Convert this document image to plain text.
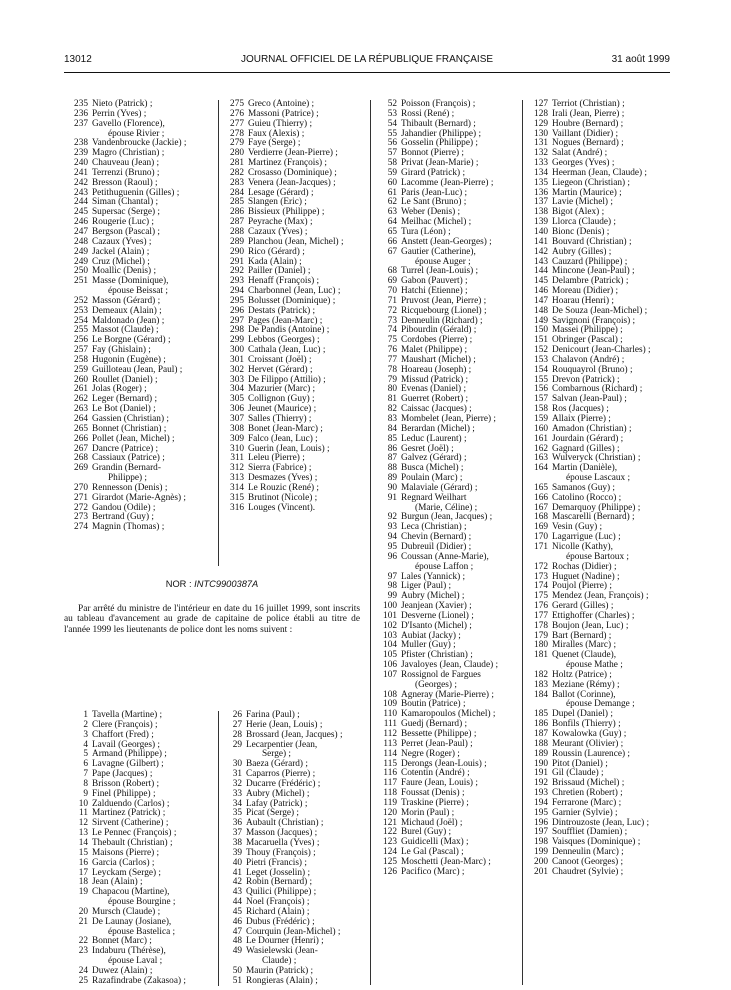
13012	JOURNAL OFFICIEL DE LA RÉPUBLIQUE FRANÇAISE	31 août 1999
235 Nieto (Patrick) ;
236 Perrin (Yves) ;
237 Gavello (Florence),
épouse Rivier ;
238 Vandenbroucke (Jackie) ;
239 Magro (Christian) ;
240 Chauveau (Jean) ;
241 Terrenzi (Bruno) ;
242 Bresson (Raoul) ;
243 Petithuguenin (Gilles) ;
244 Siman (Chantal) ;
245 Supersac (Serge) ;
246 Rougerie (Luc) ;
247 Bergson (Pascal) ;
248 Cazaux (Yves) ;
249 Jackel (Alain) ;
249 Cruz (Michel) ;
250 Moallic (Denis) ;
251 Masse (Dominique),
épouse Beissat ;
252 Masson (Gérard) ;
253 Demeaux (Alain) ;
254 Maldonado (Jean) ;
255 Massot (Claude) ;
256 Le Borgne (Gérard) ;
257 Fay (Ghislain) ;
258 Hugonin (Eugène) ;
259 Guilloteau (Jean, Paul) ;
260 Roullet (Daniel) ;
261 Jolas (Roger) ;
262 Leger (Bernard) ;
263 Le Bot (Daniel) ;
264 Gassien (Christian) ;
265 Bonnet (Christian) ;
266 Pollet (Jean, Michel) ;
267 Dancre (Patrice) ;
268 Cassiaux (Patrice) ;
269 Grandin (Bernard-
Philippe) ;
270 Rennesson (Denis) ;
271 Girardot (Marie-Agnès) ;
272 Gandou (Odile) ;
273 Bertrand (Guy) ;
274 Magnin (Thomas) ;
275 Greco (Antoine) ;
276 Massoni (Patrice) ;
277 Guieu (Thierry) ;
278 Faux (Alexis) ;
279 Faye (Serge) ;
280 Verdierre (Jean-Pierre) ;
281 Martinez (François) ;
282 Crosasso (Dominique) ;
283 Venera (Jean-Jacques) ;
284 Lesage (Gérard) ;
285 Slangen (Eric) ;
286 Bissieux (Philippe) ;
287 Peyrache (Max) ;
288 Cazaux (Yves) ;
289 Planchou (Jean, Michel) ;
290 Rico (Gérard) ;
291 Kada (Alain) ;
292 Pailler (Daniel) ;
293 Henaff (François) ;
294 Charbonnel (Jean, Luc) ;
295 Bolusset (Dominique) ;
296 Destats (Patrick) ;
297 Pages (Jean-Marc) ;
298 De Pandis (Antoine) ;
299 Lebbos (Georges) ;
300 Cathala (Jean, Luc) ;
301 Croissant (Joël) ;
302 Hervet (Gérard) ;
303 De Filippo (Attilio) ;
304 Mazurier (Marc) ;
305 Collignon (Guy) ;
306 Jeunet (Maurice) ;
307 Salles (Thierry) ;
308 Bonet (Jean-Marc) ;
309 Falco (Jean, Luc) ;
310 Guerin (Jean, Louis) ;
311 Leleu (Pierre) ;
312 Sierra (Fabrice) ;
313 Desmazes (Yves) ;
314 Le Rouzic (René) ;
315 Brutinot (Nicole) ;
316 Louges (Vincent).
52 Poisson (François) ;
53 Rossi (René) ;
54 Thibault (Bernard) ;
55 Jahandier (Philippe) ;
56 Gosselin (Philippe) ;
57 Bonnot (Pierre) ;
58 Privat (Jean-Marie) ;
59 Girard (Patrick) ;
60 Lacomme (Jean-Pierre) ;
61 Paris (Jean-Luc) ;
62 Le Sant (Bruno) ;
63 Weber (Denis) ;
64 Meilhac (Michel) ;
65 Tura (Léon) ;
66 Anstett (Jean-Georges) ;
67 Gautier (Catherine),
épouse Auger ;
68 Turrel (Jean-Louis) ;
69 Gabon (Pauvert) ;
70 Hatchi (Etienne) ;
71 Pruvost (Jean, Pierre) ;
72 Ricquebourg (Lionel) ;
73 Denneulin (Richard) ;
74 Pibourdin (Gérald) ;
75 Cordobes (Pierre) ;
76 Malet (Philippe) ;
77 Maushart (Michel) ;
78 Hoareau (Joseph) ;
79 Missud (Patrick) ;
80 Evenas (Daniel) ;
81 Guerret (Robert) ;
82 Caissac (Jacques) ;
83 Mombelet (Jean, Pierre) ;
84 Berardan (Michel) ;
85 Leduc (Laurent) ;
86 Gesret (Joël) ;
87 Galvez (Gérard) ;
88 Busca (Michel) ;
89 Poulain (Marc) ;
90 Malaviale (Gérard) ;
91 Regnard Weilhart
(Marie, Céline) ;
92 Burgun (Jean, Jacques) ;
93 Leca (Christian) ;
94 Chevin (Bernard) ;
95 Dubreuil (Didier) ;
96 Coussan (Anne-Marie),
épouse Laffon ;
97 Lales (Yannick) ;
98 Liger (Paul) ;
99 Aubry (Michel) ;
100 Jeanjean (Xavier) ;
101 Desverne (Lionel) ;
102 D'Isanto (Michel) ;
103 Aubiat (Jacky) ;
104 Muller (Guy) ;
105 Pfister (Christian) ;
106 Javaloyes (Jean, Claude) ;
107 Rossignol de Fargues
(Georges) ;
108 Agneray (Marie-Pierre) ;
109 Boutin (Patrice) ;
110 Kamaropoulos (Michel) ;
111 Guedj (Bernard) ;
112 Bessette (Philippe) ;
113 Perret (Jean-Paul) ;
114 Negre (Roger) ;
115 Derongs (Jean-Louis) ;
116 Cotentin (André) ;
117 Faure (Jean, Louis) ;
118 Foussat (Denis) ;
119 Traskine (Pierre) ;
120 Morin (Paul) ;
121 Michaud (Joël) ;
122 Burel (Guy) ;
123 Guidicelli (Max) ;
124 Le Gal (Pascal) ;
125 Moschetti (Jean-Marc) ;
126 Pacifico (Marc) ;
127 Terriot (Christian) ;
128 Irali (Jean, Pierre) ;
129 Houbre (Bernard) ;
130 Vaillant (Didier) ;
131 Nogues (Bernard) ;
132 Salat (André) ;
133 Georges (Yves) ;
134 Heerman (Jean, Claude) ;
135 Liegeon (Christian) ;
136 Martin (Maurice) ;
137 Lavie (Michel) ;
138 Bigot (Alex) ;
139 Llorca (Claude) ;
140 Bionc (Denis) ;
141 Bouvard (Christian) ;
142 Aubry (Gilles) ;
143 Cauzard (Philippe) ;
144 Mincone (Jean-Paul) ;
145 Delambre (Patrick) ;
146 Moreau (Didier) ;
147 Hoarau (Henri) ;
148 De Souza (Jean-Michel) ;
149 Savignoni (François) ;
150 Massei (Philippe) ;
151 Obringer (Pascal) ;
152 Denicourt (Jean-Charles) ;
153 Chalavon (André) ;
154 Rouquayrol (Bruno) ;
155 Drevon (Patrick) ;
156 Combarnous (Richard) ;
157 Salvan (Jean-Paul) ;
158 Ros (Jacques) ;
159 Allaix (Pierre) ;
160 Amadon (Christian) ;
161 Jourdain (Gérard) ;
162 Gagnard (Gilles) ;
163 Wulveryck (Christian) ;
164 Martin (Danièle),
épouse Lascaux ;
165 Samanos (Guy) ;
166 Catolino (Rocco) ;
167 Demarquoy (Philippe) ;
168 Mascarelli (Bernard) ;
169 Vesin (Guy) ;
170 Lagarrigue (Luc) ;
171 Nicolle (Kathy),
épouse Bartoux ;
172 Rochas (Didier) ;
173 Huguet (Nadine) ;
174 Poujol (Pierre) ;
175 Mendez (Jean, François) ;
176 Gerard (Gilles) ;
177 Ettighoffer (Charles) ;
178 Boujon (Jean, Luc) ;
179 Bart (Bernard) ;
180 Miralles (Marc) ;
181 Quenet (Claude),
épouse Mathe ;
182 Holtz (Patrice) ;
183 Meziane (Rémy) ;
184 Ballot (Corinne),
épouse Demange ;
185 Dupel (Daniel) ;
186 Bonfils (Thierry) ;
187 Kowalowka (Guy) ;
188 Meurant (Olivier) ;
189 Roussin (Laurence) ;
190 Pitot (Daniel) ;
191 Gil (Claude) ;
192 Brissaud (Michel) ;
193 Chretien (Robert) ;
194 Ferrarone (Marc) ;
195 Garnier (Sylvie) ;
196 Dintrouzoste (Jean, Luc) ;
197 Souffliet (Damien) ;
198 Vaisques (Dominique) ;
199 Denneulin (Marc) ;
200 Canoot (Georges) ;
201 Chaudret (Sylvie) ;
NOR : INTC9900387A

Par arrêté du ministre de l'intérieur en date du 16 juillet 1999, sont inscrits au tableau d'avancement au grade de capitaine de police établi au titre de l'année 1999 les lieutenants de police dont les noms suivent :

1 Tavella (Martine) ;
2 Clere (François) ;
3 Chaffort (Fred) ;
4 Lavail (Georges) ;
5 Armand (Philippe) ;
6 Lavagne (Gilbert) ;
7 Pape (Jacques) ;
8 Brisson (Robert) ;
9 Finel (Philippe) ;
10 Zalduendo (Carlos) ;
11 Martinez (Patrick) ;
12 Sirvent (Catherine) ;
13 Le Pennec (François) ;
14 Thebault (Christian) ;
15 Maisons (Pierre) ;
16 Garcia (Carlos) ;
17 Leyckam (Serge) ;
18 Jean (Alain) ;
19 Chapacou (Martine),
épouse Bourgine ;
20 Mursch (Claude) ;
21 De Launay (Josiane),
épouse Bastelica ;
22 Bonnet (Marc) ;
23 Indaburu (Thérèse),
épouse Laval ;
24 Duwez (Alain) ;
25 Razafindrabe (Zakasoa) ;
26 Farina (Paul) ;
27 Herie (Jean, Louis) ;
28 Brossard (Jean, Jacques) ;
29 Lecarpentier (Jean,
Serge) ;
30 Baeza (Gérard) ;
31 Caparros (Pierre) ;
32 Ducarre (Frédéric) ;
33 Aubry (Michel) ;
34 Lafay (Patrick) ;
35 Picat (Serge) ;
36 Aubault (Christian) ;
37 Masson (Jacques) ;
38 Macaruella (Yves) ;
39 Thouy (François) ;
40 Pietri (Francis) ;
41 Leget (Josselin) ;
42 Robin (Bernard) ;
43 Quilici (Philippe) ;
44 Noel (François) ;
45 Richard (Alain) ;
46 Dubus (Frédéric) ;
47 Courquin (Jean-Michel) ;
48 Le Dourner (Henri) ;
49 Wasielewski (Jean-
Claude) ;
50 Maurin (Patrick) ;
51 Rongieras (Alain) ;
